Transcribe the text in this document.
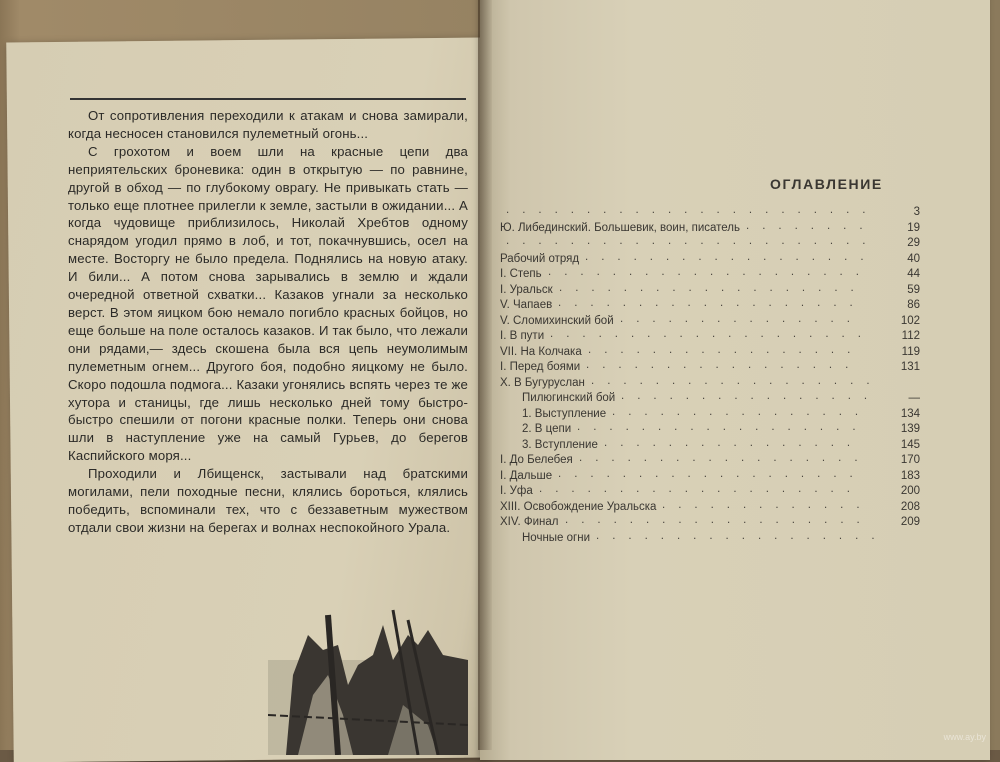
От сопротивления переходили к атакам и снова замирали, когда несносен становился пулеметный огонь...

С грохотом и воем шли на красные цепи два неприятельских броневика: один в открытую — по равнине, другой в обход — по глубокому оврагу. Не привыкать стать — только еще плотнее прилегли к земле, застыли в ожидании... А когда чудовище приблизилось, Николай Хребтов одному снарядом угодил прямо в лоб, и тот, покачнувшись, осел на месте. Восторгу не было предела. Поднялись на новую атаку. И били... А потом снова зарывались в землю и ждали очередной ответной схватки... Казаков угнали за несколько верст. В этом яицком бою немало погибло красных бойцов, но еще больше на поле осталось казаков. И так было, что лежали они рядами,— здесь скошена была вся цепь неумолимым пулеметным огнем... Другого боя, подобно яицкому не было. Скоро подошла подмога... Казаки угонялись вспять через те же хутора и станицы, где лишь несколько дней тому быстро-быстро спешили от погони красные полки. Теперь они снова шли в наступление уже на самый Гурьев, до берегов Каспийского моря...

Проходили и Лбищенск, застывали над братскими могилами, пели походные песни, клялись бороться, клялись победить, вспоминали тех, что с беззаветным мужеством отдали свои жизни на берегах и волнах неспокойного Урала.

ОГЛАВЛЕНИЕ
.......................	3
Ю. Либединский. Большевик, воин, писатель ........	19
....................... 29
Рабочий отряд ..................	40
I. Степь ....................	44
I. Уральск ...................	59
V. Чапаев ...................	86
V. Сломихинский бой ...............	102
I. В пути .................... 112
VII. На Колчака .................	119
I. Перед боями .................	131
X. В Бугуруслан ..................
Пилюгинский бой ................ —
1. Выступление ................	134
2. В цепи ..................	139
3. Вступление ................	145
I. До Белебея ..................	170
I. Дальше ...................	183
I. Уфа ....................	200
XIII. Освобождение Уральска ............. 208
XIV. Финал ................... 209
Ночные огни ..................
www.ay.by
